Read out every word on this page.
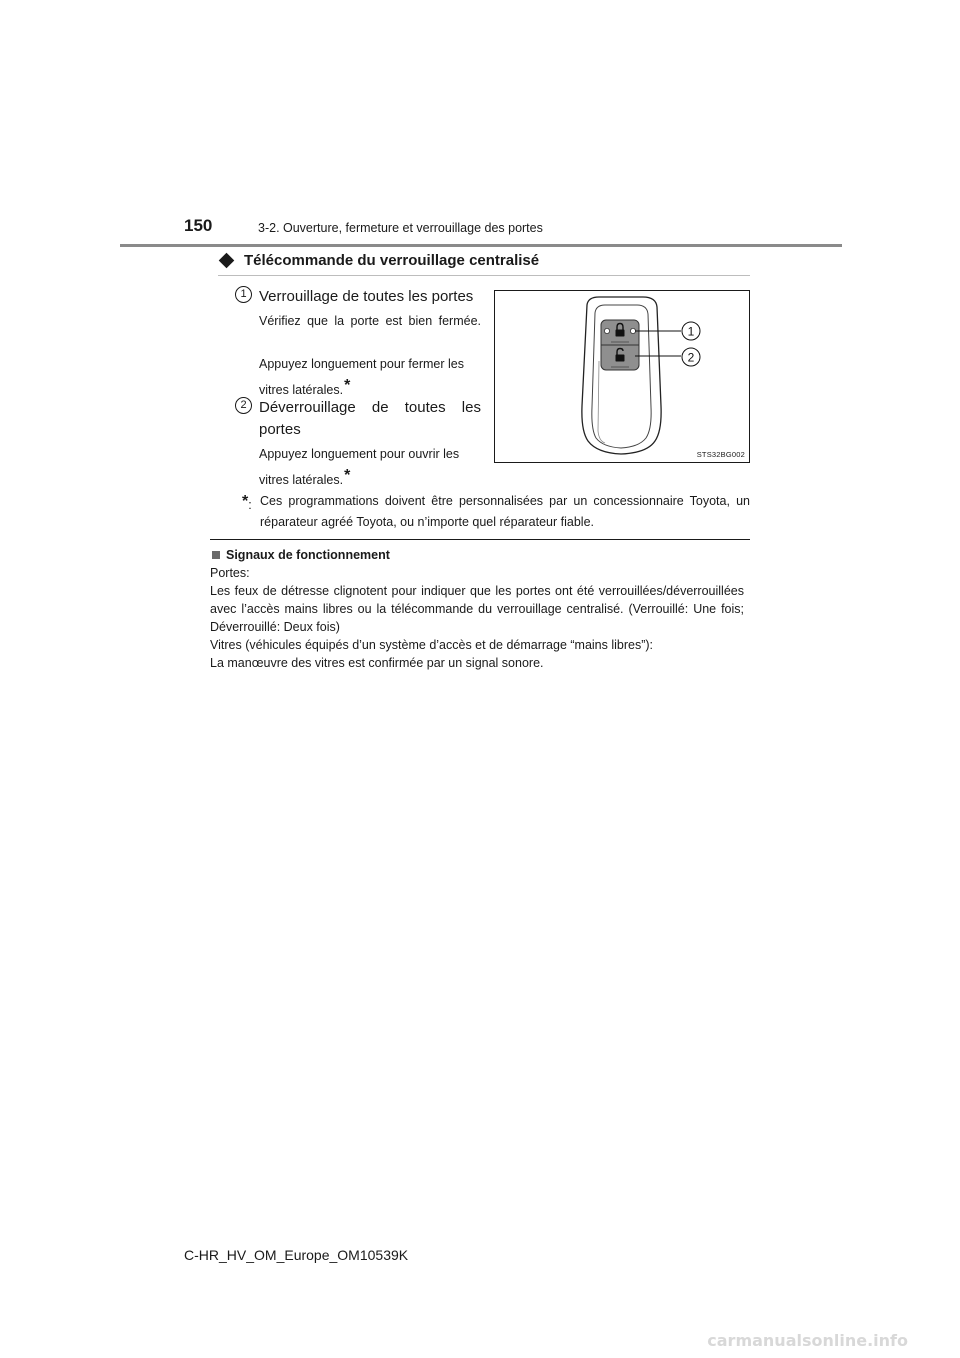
150	3-2. Ouverture, fermeture et verrouillage des portes
Télécommande du verrouillage centralisé
1 Verrouillage de toutes les portes
Vérifiez que la porte est bien fermée.
Appuyez longuement pour fermer les vitres latérales.*
2 Déverrouillage de toutes les portes
Appuyez longuement pour ouvrir les vitres latérales.*
1
2
STS32BG002
*: Ces programmations doivent être personnalisées par un concessionnaire Toyota, un réparateur agréé Toyota, ou n’importe quel réparateur fiable.
Signaux de fonctionnement

Portes:

Les feux de détresse clignotent pour indiquer que les portes ont été verrouillées/déverrouillées avec l’accès mains libres ou la télécommande du verrouillage centralisé. (Verrouillé: Une fois; Déverrouillé: Deux fois)

Vitres (véhicules équipés d’un système d’accès et de démarrage “mains libres”):

La manœuvre des vitres est confirmée par un signal sonore.

C-HR_HV_OM_Europe_OM10539K
carmanualsonline.info
